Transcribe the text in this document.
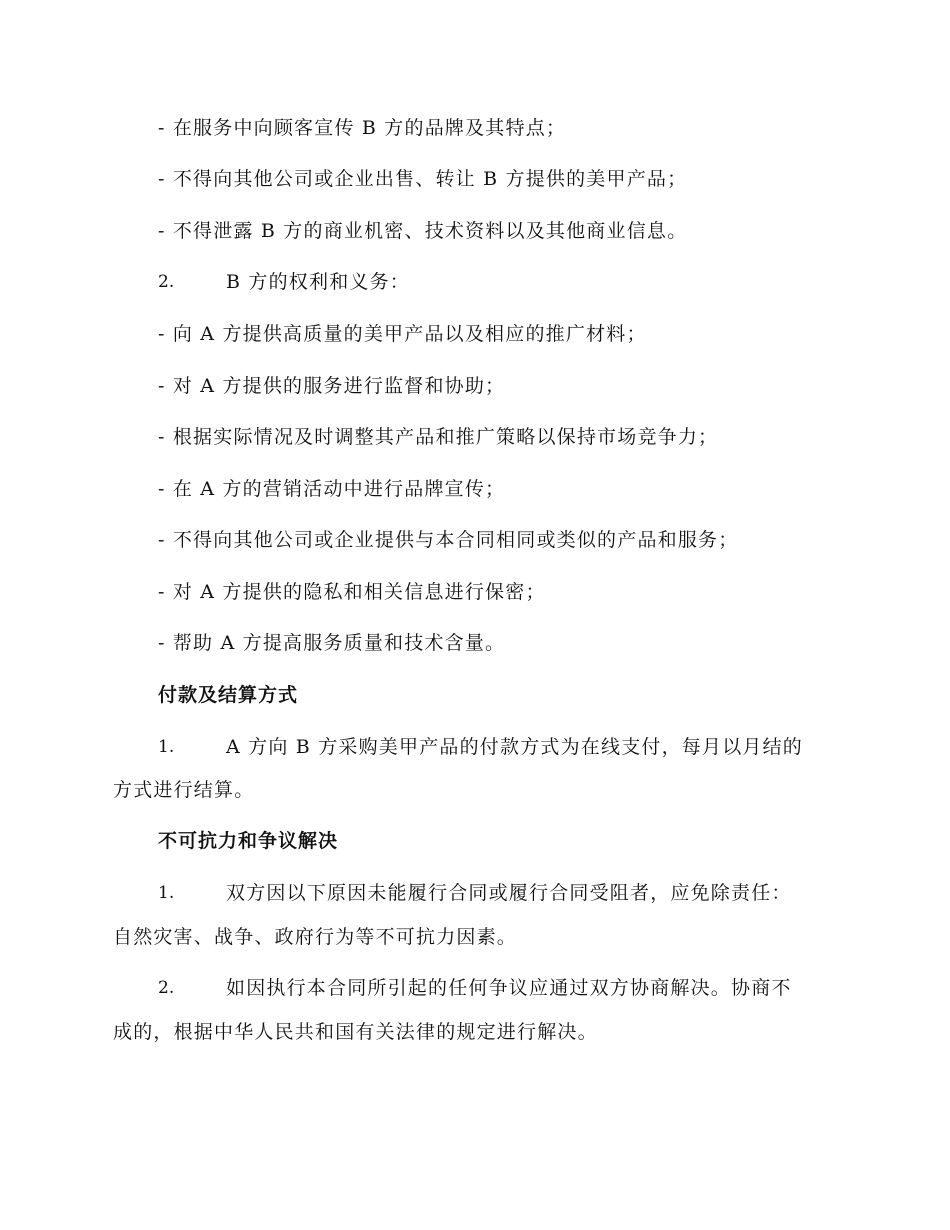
- 在服务中向顾客宣传 B 方的品牌及其特点；
- 不得向其他公司或企业出售、转让 B 方提供的美甲产品；
- 不得泄露 B 方的商业机密、技术资料以及其他商业信息。
2.	B 方的权利和义务：
- 向 A 方提供高质量的美甲产品以及相应的推广材料；
- 对 A 方提供的服务进行监督和协助；
- 根据实际情况及时调整其产品和推广策略以保持市场竞争力；
- 在 A 方的营销活动中进行品牌宣传；
- 不得向其他公司或企业提供与本合同相同或类似的产品和服务；
- 对 A 方提供的隐私和相关信息进行保密；
- 帮助 A 方提高服务质量和技术含量。
付款及结算方式
1.	A 方向 B 方采购美甲产品的付款方式为在线支付，每月以月结的
方式进行结算。
不可抗力和争议解决
1.	双方因以下原因未能履行合同或履行合同受阻者，应免除责任：
自然灾害、战争、政府行为等不可抗力因素。
2.	如因执行本合同所引起的任何争议应通过双方协商解决。协商不
成的，根据中华人民共和国有关法律的规定进行解决。
